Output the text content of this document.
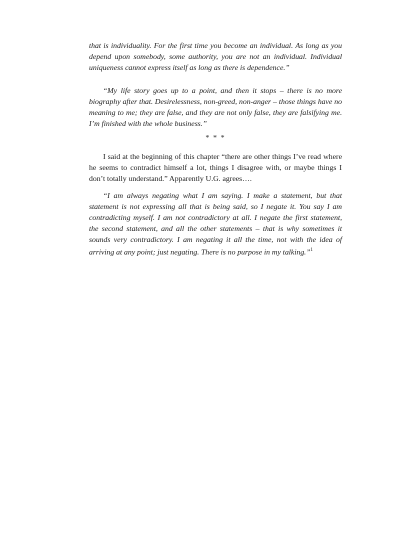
that is individuality. For the first time you become an individual. As long as you depend upon somebody, some authority, you are not an individual. Individual uniqueness cannot express itself as long as there is dependence.”

“My life story goes up to a point, and then it stops – there is no more biography after that. Desirelessness, non-greed, non-anger – those things have no meaning to me; they are false, and they are not only false, they are falsifying me. I’m finished with the whole business.”

* * *

I said at the beginning of this chapter “there are other things I’ve read where he seems to contradict himself a lot, things I disagree with, or maybe things I don’t totally understand.” Apparently U.G. agrees….

“I am always negating what I am saying. I make a statement, but that statement is not expressing all that is being said, so I negate it. You say I am contradicting myself. I am not contradictory at all. I negate the first statement, the second statement, and all the other statements – that is why sometimes it sounds very contradictory. I am negating it all the time, not with the idea of arriving at any point; just negating. There is no purpose in my talking.”$^1$
